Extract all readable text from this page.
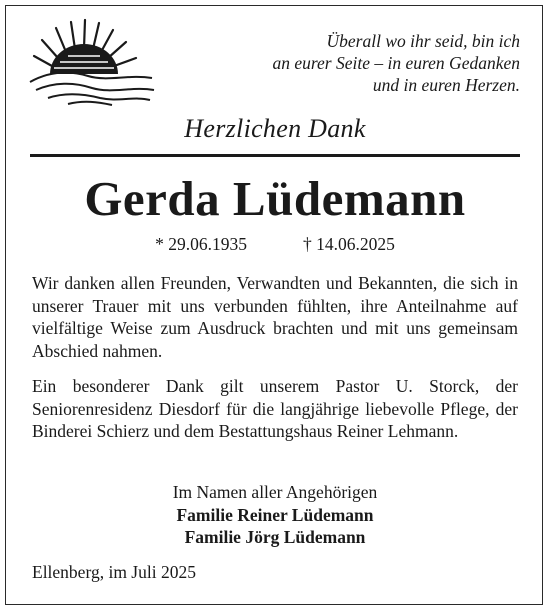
Überall wo ihr seid, bin ich
an eurer Seite – in euren Gedanken
und in euren Herzen.
Herzlichen Dank
Gerda Lüdemann
* 29.06.1935	† 14.06.2025
Wir danken allen Freunden, Verwandten und Bekannten, die sich in unserer Trauer mit uns verbunden fühlten, ihre Anteilnahme auf vielfältige Weise zum Ausdruck brachten und mit uns gemeinsam Abschied nahmen.
Ein besonderer Dank gilt unserem Pastor U. Storck, der Seniorenresidenz Diesdorf für die langjährige liebevolle Pflege, der Binderei Schierz und dem Bestattungshaus Reiner Lehmann.
Im Namen aller Angehörigen
Familie Reiner Lüdemann
Familie Jörg Lüdemann
Ellenberg, im Juli 2025
